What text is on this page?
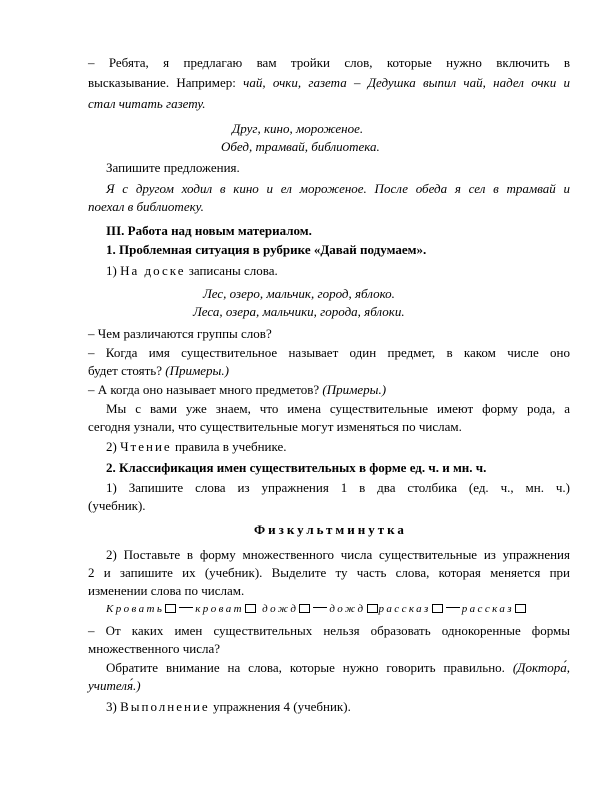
– Ребята, я предлагаю вам тройки слов, которые нужно включить в
высказывание. Например: чай, очки, газета – Дедушка выпил чай, надел очки и
стал читать газету.
Друг, кино, мороженое.
Обед, трамвай, библиотека.
Запишите предложения.
Я с другом ходил в кино и ел мороженое. После обеда я сел в трамвай и
поехал в библиотеку.
III. Работа над новым материалом.
1. Проблемная ситуация в рубрике «Давай подумаем».
1) На доске записаны слова.
Лес, озеро, мальчик, город, яблоко.
Леса, озера, мальчики, города, яблоки.
– Чем различаются группы слов?
– Когда имя существительное называет один предмет, в каком числе оно
будет стоять? (Примеры.)
– А когда оно называет много предметов? (Примеры.)
Мы с вами уже знаем, что имена существительные имеют форму рода, а
сегодня узнали, что существительные могут изменяться по числам.
2) Чтение правила в учебнике.
2. Классификация имен существительных в форме ед. ч. и мн. ч.
1) Запишите слова из упражнения 1 в два столбика (ед. ч., мн. ч.)
(учебник).
Физкультминутка
2) Поставьте в форму множественного числа существительные из упражнения
2 и запишите их (учебник). Выделите ту часть слова, которая меняется при
изменении слова по числам.
Кровать	кроват дожд	дожд рассказ	рассказ
– От каких имен существительных нельзя образовать однокоренные формы
множественного числа?
Обратите внимание на слова, которые нужно говорить правильно. (Доктора́,
учителя́.)
3) Выполнение упражнения 4 (учебник).
